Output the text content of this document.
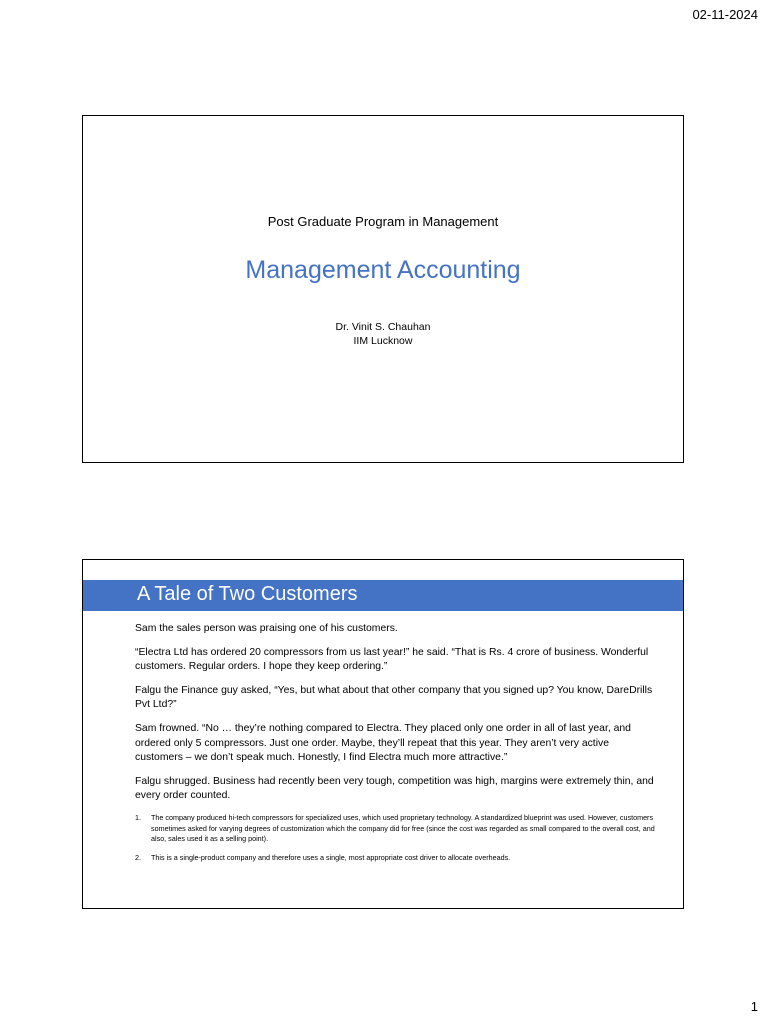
02-11-2024
Post Graduate Program in Management
Management Accounting
Dr. Vinit S. Chauhan
IIM Lucknow
A Tale of Two Customers

Sam the sales person was praising one of his customers.

“Electra Ltd has ordered 20 compressors from us last year!” he said. “That is Rs. 4 crore of business. Wonderful customers. Regular orders. I hope they keep ordering.”

Falgu the Finance guy asked, “Yes, but what about that other company that you signed up? You know, DareDrills Pvt Ltd?”

Sam frowned. “No … they’re nothing compared to Electra. They placed only one order in all of last year, and ordered only 5 compressors. Just one order. Maybe, they’ll repeat that this year. They aren’t very active customers – we don’t speak much. Honestly, I find Electra much more attractive.”

Falgu shrugged. Business had recently been very tough, competition was high, margins were extremely thin, and every order counted.

1.	The company produced hi-tech compressors for specialized uses, which used proprietary technology. A standardized blueprint was used. However, customers sometimes asked for varying degrees of customization which the company did for free (since the cost was regarded as small compared to the overall cost, and also, sales used it as a selling point).
2.	This is a single-product company and therefore uses a single, most appropriate cost driver to allocate overheads.
1
